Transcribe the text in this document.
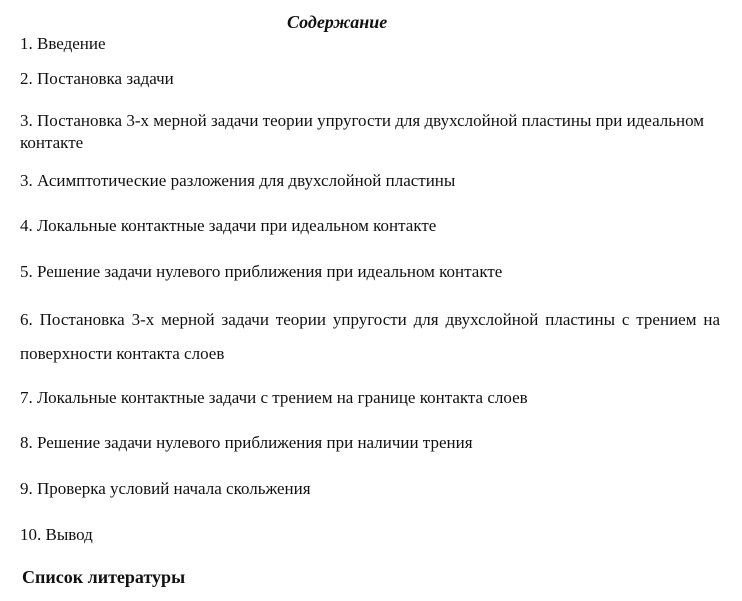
Содержание
1. Введение
2. Постановка задачи
3. Постановка 3-х мерной задачи теории упругости для двухслойной пластины при идеальном контакте
3. Асимптотические разложения для двухслойной пластины
4. Локальные контактные задачи при идеальном контакте
5. Решение задачи нулевого приближения при идеальном контакте
6. Постановка 3-х мерной задачи теории упругости для двухслойной пластины с трением на поверхности контакта слоев
7. Локальные контактные задачи с трением на границе контакта слоев
8. Решение задачи нулевого приближения при наличии трения
9. Проверка условий начала скольжения
10. Вывод
Список литературы
